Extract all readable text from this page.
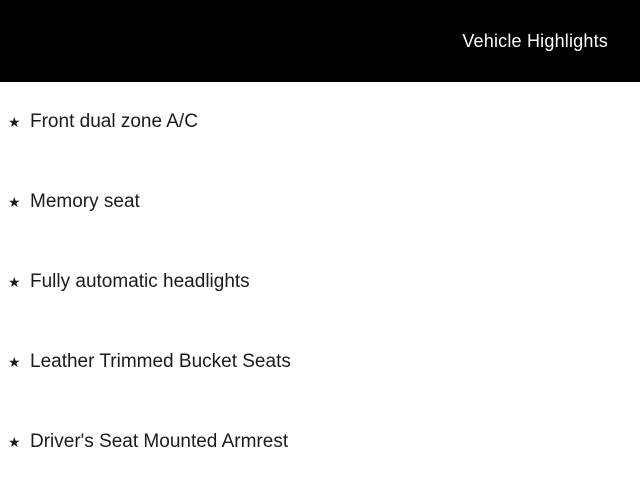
Vehicle Highlights
★ Front dual zone A/C
★ Memory seat
★ Fully automatic headlights
★ Leather Trimmed Bucket Seats
★ Driver's Seat Mounted Armrest
